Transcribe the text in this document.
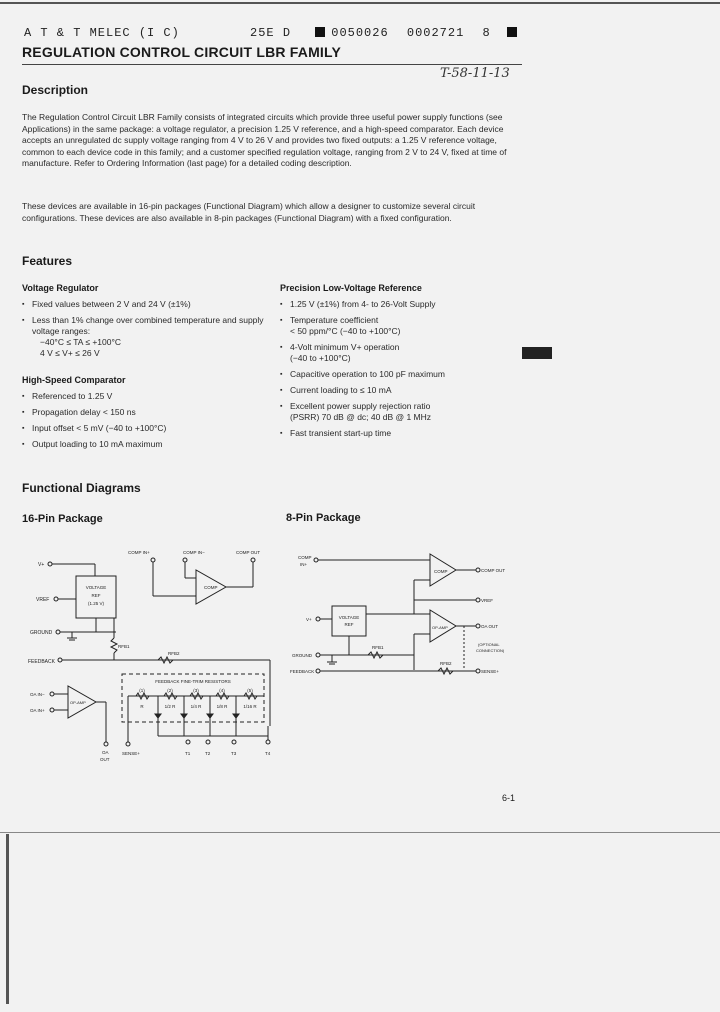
A T & T MELEC (I C)	25E D	0050026 0002721 8
REGULATION CONTROL CIRCUIT LBR FAMILY
T-58-11-13
Description
The Regulation Control Circuit LBR Family consists of integrated circuits which provide three useful power supply functions (see Applications) in the same package: a voltage regulator, a precision 1.25 V reference, and a high-speed comparator. Each device accepts an unregulated dc supply voltage ranging from 4 V to 26 V and provides two fixed outputs: a 1.25 V reference voltage, common to each device code in this family; and a customer specified regulation voltage, ranging from 2 V to 24 V, fixed at time of manufacture. Refer to Ordering Information (last page) for a detailed coding description.
These devices are available in 16-pin packages (Functional Diagram) which allow a designer to customize several circuit configurations. These devices are also available in 8-pin packages (Functional Diagram) with a fixed configuration.
Features
Voltage Regulator
▪ Fixed values between 2 V and 24 V (±1%)
▪ Less than 1% change over combined temperature and supply voltage ranges:
−40°C ≤ TA ≤ +100°C
4 V ≤ V+ ≤ 26 V
High-Speed Comparator
▪ Referenced to 1.25 V
▪ Propagation delay < 150 ns
▪ Input offset < 5 mV (−40 to +100°C)
▪ Output loading to 10 mA maximum
Precision Low-Voltage Reference
▪ 1.25 V (±1%) from 4- to 26-Volt Supply
▪ Temperature coefficient
< 50 ppm/°C (−40 to +100°C)
▪ 4-Volt minimum V+ operation
(−40 to +100°C)
▪ Capacitive operation to 100 pF maximum
▪ Current loading to ≤ 10 mA
▪ Excellent power supply rejection ratio
(PSRR) 70 dB @ dc; 40 dB @ 1 MHz
▪ Fast transient start-up time
Functional Diagrams
16-Pin Package	8-Pin Package
V+
VOLTAGE
REF
(1.25 V)
VREF
GROUND
RFB1
FEEDBACK
RFB2
COMP IN+	COMP IN−	COMP OUT
COMP
OA IN−
OA IN+
OP-AMP
OA
OUT
SENSE+
FEEDBACK FINE-TRIM RESISTORS
(1)	(2)	(3)	(4)	(5)
R	1/2 R	1/4 R	1/8 R	1/16 R
T1	T2	T3	T4
COMP
IN+
COMP	COMP OUT
VREF
V+	VOLTAGE
REF
OP-AMP	OA OUT
(OPTIONAL
CONNECTION)
GROUND
RFB1
FEEDBACK
RFB2
SENSE+
6-1
